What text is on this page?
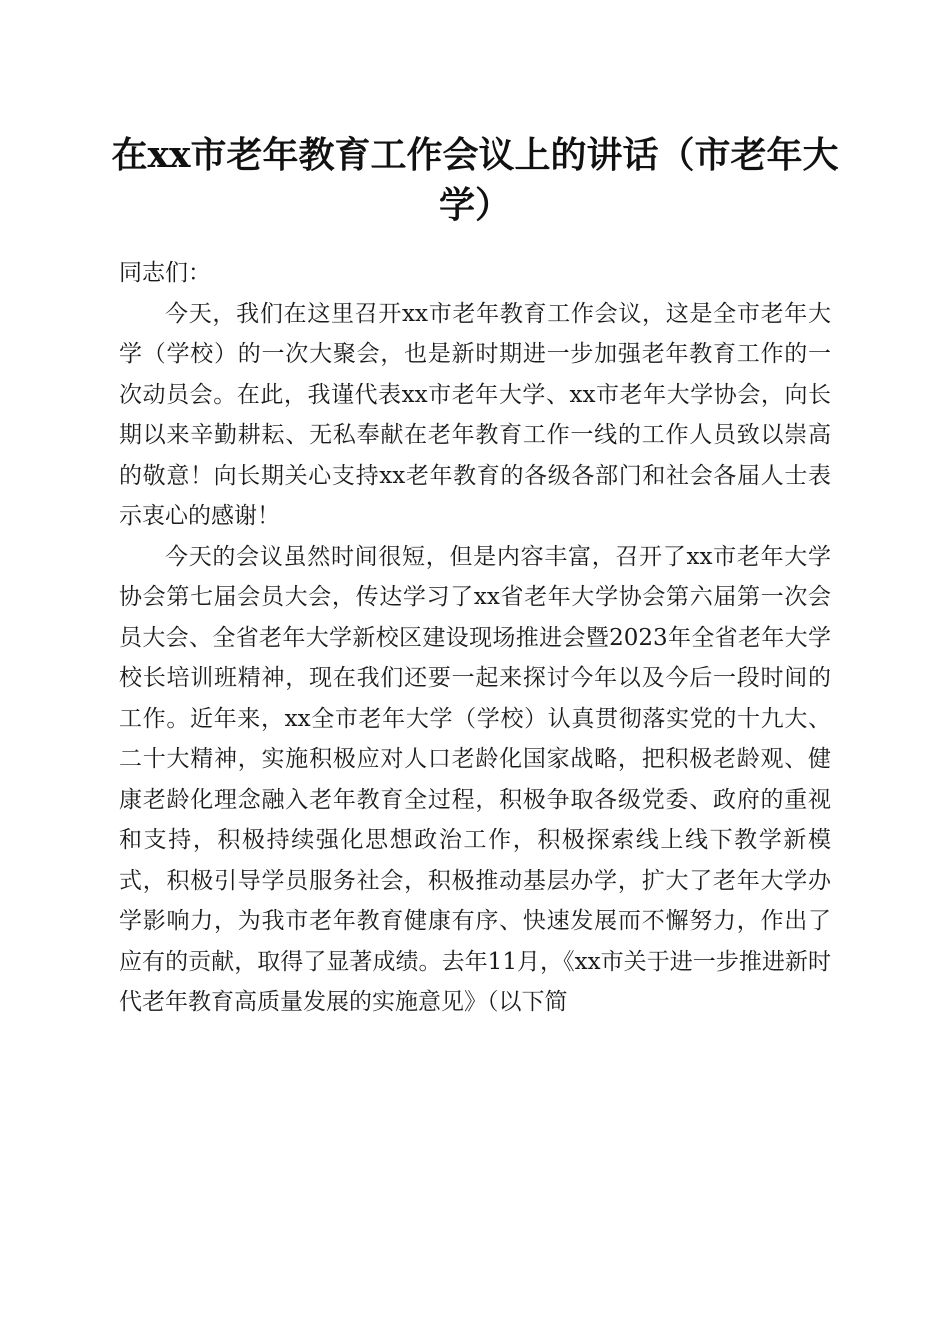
在xx市老年教育工作会议上的讲话（市老年大学）

同志们：

今天，我们在这里召开xx市老年教育工作会议，这是全市老年大学（学校）的一次大聚会，也是新时期进一步加强老年教育工作的一次动员会。在此，我谨代表xx市老年大学、xx市老年大学协会，向长期以来辛勤耕耘、无私奉献在老年教育工作一线的工作人员致以崇高的敬意！向长期关心支持xx老年教育的各级各部门和社会各届人士表示衷心的感谢！

今天的会议虽然时间很短，但是内容丰富，召开了xx市老年大学协会第七届会员大会，传达学习了xx省老年大学协会第六届第一次会员大会、全省老年大学新校区建设现场推进会暨2023年全省老年大学校长培训班精神，现在我们还要一起来探讨今年以及今后一段时间的工作。近年来，xx全市老年大学（学校）认真贯彻落实党的十九大、二十大精神，实施积极应对人口老龄化国家战略，把积极老龄观、健康老龄化理念融入老年教育全过程，积极争取各级党委、政府的重视和支持，积极持续强化思想政治工作，积极探索线上线下教学新模式，积极引导学员服务社会，积极推动基层办学，扩大了老年大学办学影响力，为我市老年教育健康有序、快速发展而不懈努力，作出了应有的贡献，取得了显著成绩。去年11月，《xx市关于进一步推进新时代老年教育高质量发展的实施意见》（以下简
